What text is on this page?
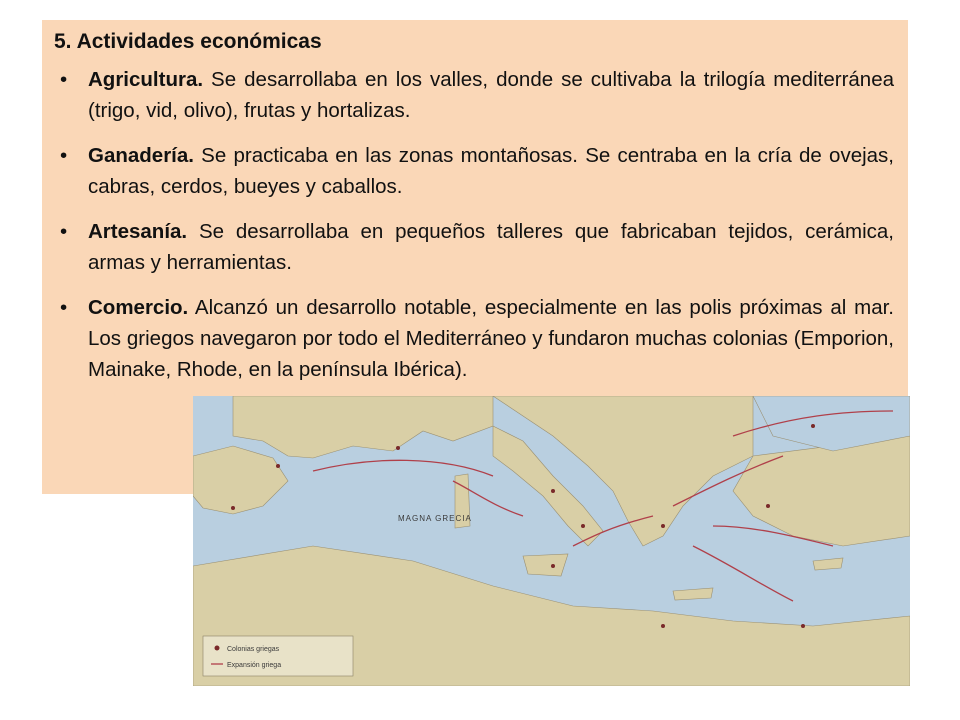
5. Actividades económicas
• Agricultura. Se desarrollaba en los valles, donde se cultivaba la trilogía mediterránea (trigo, vid, olivo), frutas y hortalizas.
• Ganadería. Se practicaba en las zonas montañosas. Se centraba en la cría de ovejas, cabras, cerdos, bueyes y caballos.
• Artesanía. Se desarrollaba en pequeños talleres que fabricaban tejidos, cerámica, armas y herramientas.
• Comercio. Alcanzó un desarrollo notable, especialmente en las polis próximas al mar. Los griegos navegaron por todo el Mediterráneo y fundaron muchas colonias (Emporion, Mainake, Rhode, en la península Ibérica).
MAGNA GRECIA
Colonias griegas
Expansión griega
